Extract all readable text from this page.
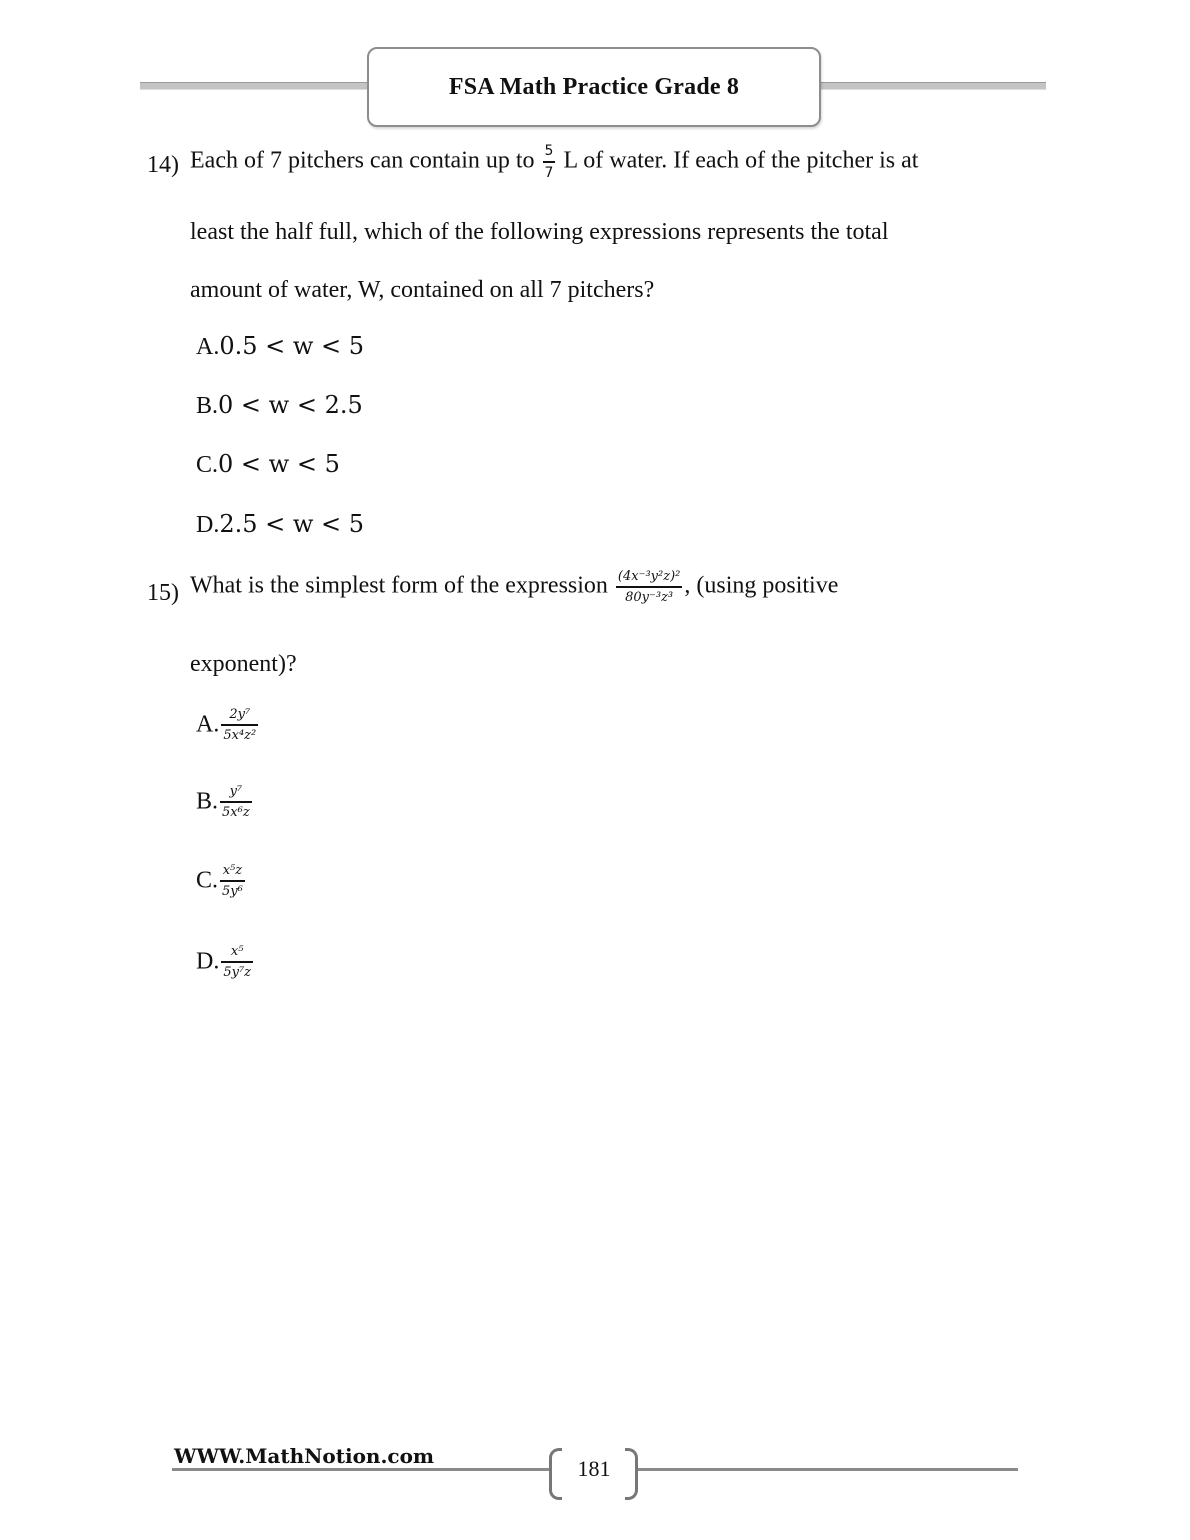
FSA Math Practice Grade 8
14) Each of 7 pitchers can contain up to $\frac{5}{7}$ L of water. If each of the pitcher is at
least the half full, which of the following expressions represents the total
amount of water, W, contained on all 7 pitchers?
A.0.5 < w < 5
B.0 < w < 2.5
C.0 < w < 5
D.2.5 < w < 5
15) What is the simplest form of the expression $\frac{\text{(4x⁻³y²z)²}}{\text{80y⁻³z³}}$ , (using positive
exponent)?
A. $\frac{\text{2y⁷}}{\text{5x⁴z²}}$
B. $\frac{\text{y⁷}}{\text{5x⁶z}}$
C. $\frac{\text{x⁵z}}{\text{5y⁶}}$
D. $\frac{\text{x⁵}}{\text{5y⁷z}}$
WWW.MathNotion.com	181
